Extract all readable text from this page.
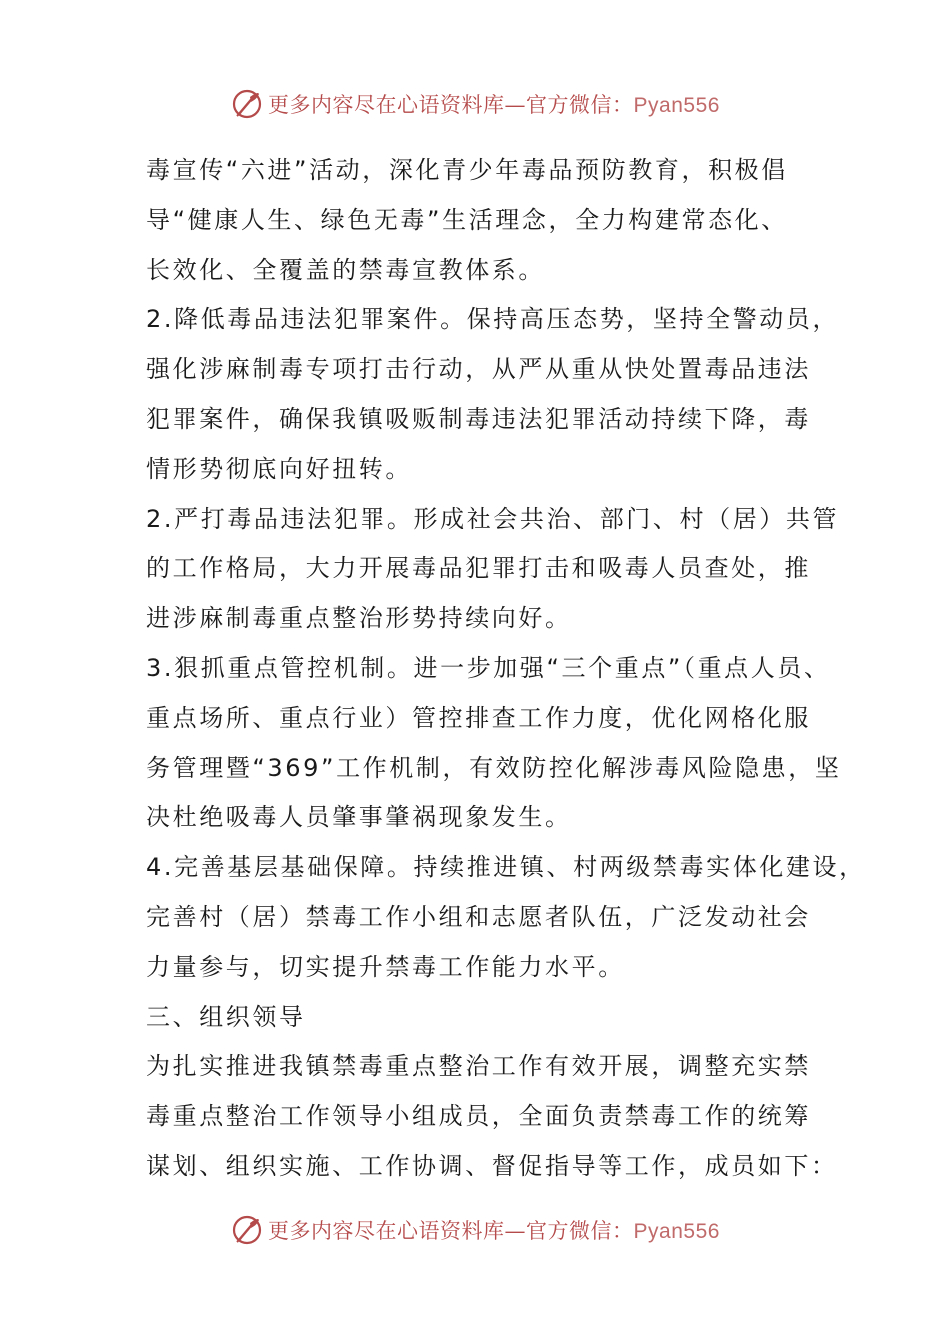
更多内容尽在心语资料库—官方微信：Pyan556
毒宣传“六进”活动，深化青少年毒品预防教育，积极倡
导“健康人生、绿色无毒”生活理念，全力构建常态化、
长效化、全覆盖的禁毒宣教体系。
2.降低毒品违法犯罪案件。保持高压态势，坚持全警动员，
强化涉麻制毒专项打击行动，从严从重从快处置毒品违法
犯罪案件，确保我镇吸贩制毒违法犯罪活动持续下降，毒
情形势彻底向好扭转。
2.严打毒品违法犯罪。形成社会共治、部门、村（居）共管
的工作格局，大力开展毒品犯罪打击和吸毒人员查处，推
进涉麻制毒重点整治形势持续向好。
3.狠抓重点管控机制。进一步加强“三个重点”（重点人员、
重点场所、重点行业）管控排查工作力度，优化网格化服
务管理暨“369”工作机制，有效防控化解涉毒风险隐患，坚
决杜绝吸毒人员肇事肇祸现象发生。
4.完善基层基础保障。持续推进镇、村两级禁毒实体化建设，
完善村（居）禁毒工作小组和志愿者队伍，广泛发动社会
力量参与，切实提升禁毒工作能力水平。
三、组织领导
为扎实推进我镇禁毒重点整治工作有效开展，调整充实禁
毒重点整治工作领导小组成员，全面负责禁毒工作的统筹
谋划、组织实施、工作协调、督促指导等工作，成员如下：
更多内容尽在心语资料库—官方微信：Pyan556
